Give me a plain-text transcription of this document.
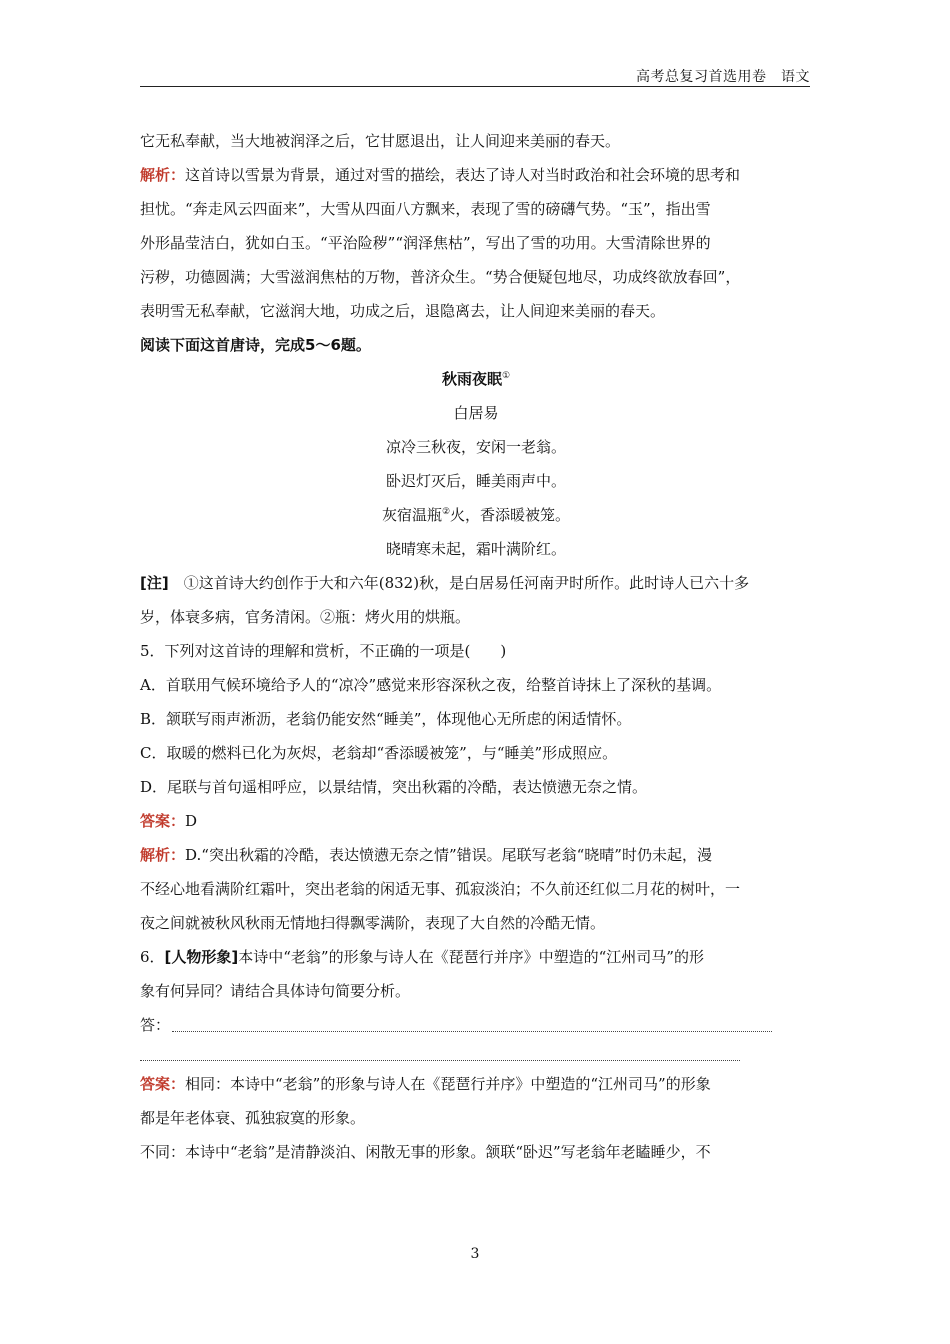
高考总复习首选用卷　语文

它无私奉献，当大地被润泽之后，它甘愿退出，让人间迎来美丽的春天。

解析：这首诗以雪景为背景，通过对雪的描绘，表达了诗人对当时政治和社会环境的思考和

担忧。“奔走风云四面来”，大雪从四面八方飘来，表现了雪的磅礴气势。“玉”，指出雪

外形晶莹洁白，犹如白玉。“平治险秽”“润泽焦枯”，写出了雪的功用。大雪清除世界的

污秽，功德圆满；大雪滋润焦枯的万物，普济众生。“势合便疑包地尽，功成终欲放春回”，

表明雪无私奉献，它滋润大地，功成之后，退隐离去，让人间迎来美丽的春天。

阅读下面这首唐诗，完成5～6题。

秋雨夜眠①

白居易

凉冷三秋夜，安闲一老翁。

卧迟灯灭后，睡美雨声中。

灰宿温瓶②火，香添暖被笼。

晓晴寒未起，霜叶满阶红。

[注]　 ①这首诗大约创作于大和六年(832)秋，是白居易任河南尹时所作。此时诗人已六十多

岁，体衰多病，官务清闲。②瓶：烤火用的烘瓶。

5．下列对这首诗的理解和赏析，不正确的一项是(　　)

A．首联用气候环境给予人的“凉冷”感觉来形容深秋之夜，给整首诗抹上了深秋的基调。

B．颔联写雨声淅沥，老翁仍能安然“睡美”，体现他心无所虑的闲适情怀。

C．取暖的燃料已化为灰烬，老翁却“香添暖被笼”，与“睡美”形成照应。

D．尾联与首句遥相呼应，以景结情，突出秋霜的冷酷，表达愤懑无奈之情。

答案：D

解析：D.“突出秋霜的冷酷，表达愤懑无奈之情”错误。尾联写老翁“晓晴”时仍未起，漫

不经心地看满阶红霜叶，突出老翁的闲适无事、孤寂淡泊；不久前还红似二月花的树叶，一

夜之间就被秋风秋雨无情地扫得飘零满阶，表现了大自然的冷酷无情。

6．[人物形象]本诗中“老翁”的形象与诗人在《琵琶行并序》中塑造的“江州司马”的形

象有何异同？请结合具体诗句简要分析。

答：

答案：相同：本诗中“老翁”的形象与诗人在《琵琶行并序》中塑造的“江州司马”的形象

都是年老体衰、孤独寂寞的形象。

不同：本诗中“老翁”是清静淡泊、闲散无事的形象。颔联“卧迟”写老翁年老瞌睡少，不

3
